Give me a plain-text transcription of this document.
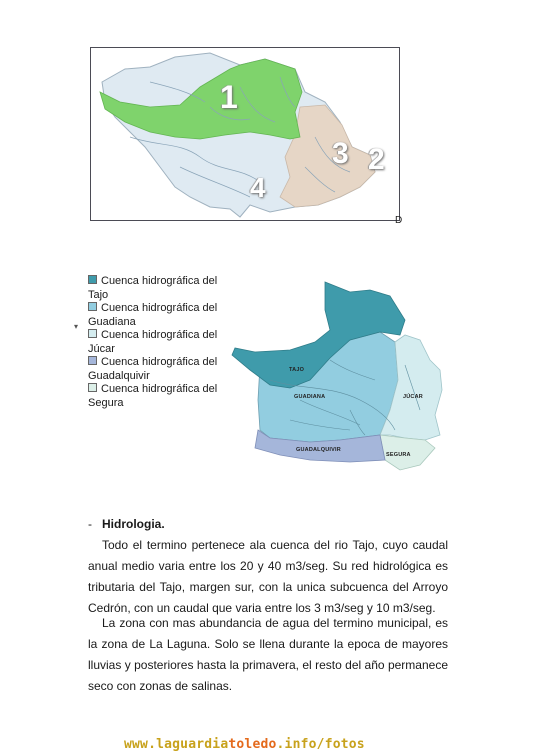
1
2
3
4
D
Cuenca hidrográfica del
Tajo
Cuenca hidrográfica del
Guadiana
Cuenca hidrográfica del
Júcar
Cuenca hidrográfica del
Guadalquivir
Cuenca hidrográfica del
Segura
▾
TAJO
GUADIANA	JÚCAR
GUADALQUIVIR
SEGURA
- Hidrologia.

Todo el termino pertenece ala cuenca del rio Tajo, cuyo caudal anual medio varia entre los 20 y 40 m3/seg. Su red hidrológica es tributaria del Tajo, margen sur, con la unica subcuenca del Arroyo Cedrón, con un caudal que varia entre los 3 m3/seg y 10 m3/seg.

La zona con mas abundancia de agua del termino municipal, es la zona de La Laguna. Solo se llena durante la epoca de mayores lluvias y posteriores hasta la primavera, el resto del año permanece seco con zonas de salinas.

www.laguardiatoledo.info/fotos
